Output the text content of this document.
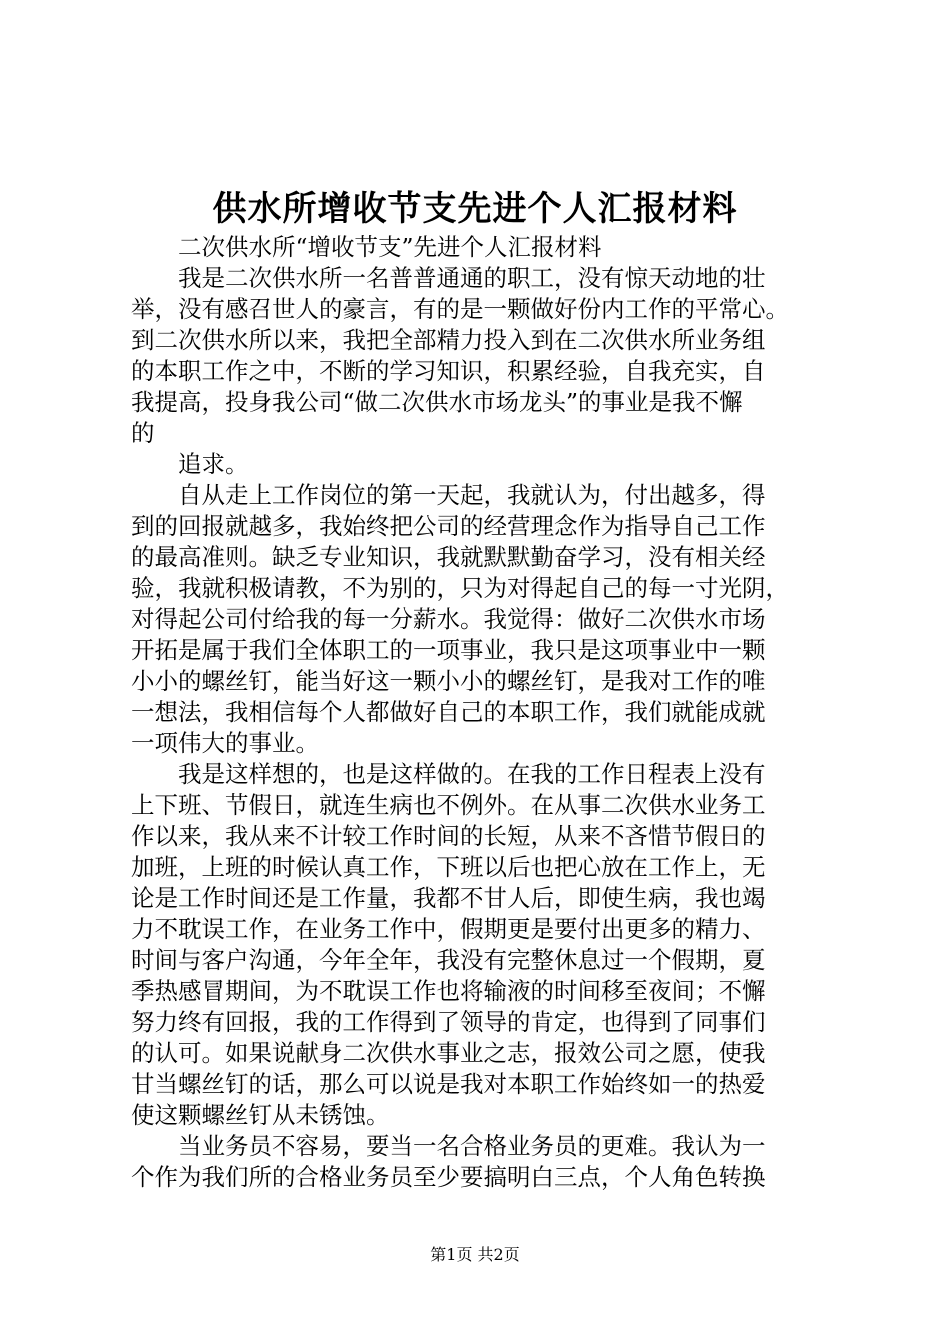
供水所增收节支先进个人汇报材料
　　二次供水所“增收节支”先进个人汇报材料
　　我是二次供水所一名普普通通的职工，没有惊天动地的壮
举，没有感召世人的豪言，有的是一颗做好份内工作的平常心。
到二次供水所以来，我把全部精力投入到在二次供水所业务组
的本职工作之中，不断的学习知识，积累经验，自我充实，自
我提高，投身我公司“做二次供水市场龙头”的事业是我不懈
的
　　追求。
　　自从走上工作岗位的第一天起，我就认为，付出越多，得
到的回报就越多，我始终把公司的经营理念作为指导自己工作
的最高准则。缺乏专业知识，我就默默勤奋学习，没有相关经
验，我就积极请教，不为别的，只为对得起自己的每一寸光阴，
对得起公司付给我的每一分薪水。我觉得：做好二次供水市场
开拓是属于我们全体职工的一项事业，我只是这项事业中一颗
小小的螺丝钉，能当好这一颗小小的螺丝钉，是我对工作的唯
一想法，我相信每个人都做好自己的本职工作，我们就能成就
一项伟大的事业。
　　我是这样想的，也是这样做的。在我的工作日程表上没有
上下班、节假日，就连生病也不例外。在从事二次供水业务工
作以来，我从来不计较工作时间的长短，从来不吝惜节假日的
加班，上班的时候认真工作，下班以后也把心放在工作上，无
论是工作时间还是工作量，我都不甘人后，即使生病，我也竭
力不耽误工作，在业务工作中，假期更是要付出更多的精力、
时间与客户沟通，今年全年，我没有完整休息过一个假期，夏
季热感冒期间，为不耽误工作也将输液的时间移至夜间；不懈
努力终有回报，我的工作得到了领导的肯定，也得到了同事们
的认可。如果说献身二次供水事业之志，报效公司之愿，使我
甘当螺丝钉的话，那么可以说是我对本职工作始终如一的热爱
使这颗螺丝钉从未锈蚀。
　　当业务员不容易，要当一名合格业务员的更难。我认为一
个作为我们所的合格业务员至少要搞明白三点，个人角色转换
第1页 共2页
